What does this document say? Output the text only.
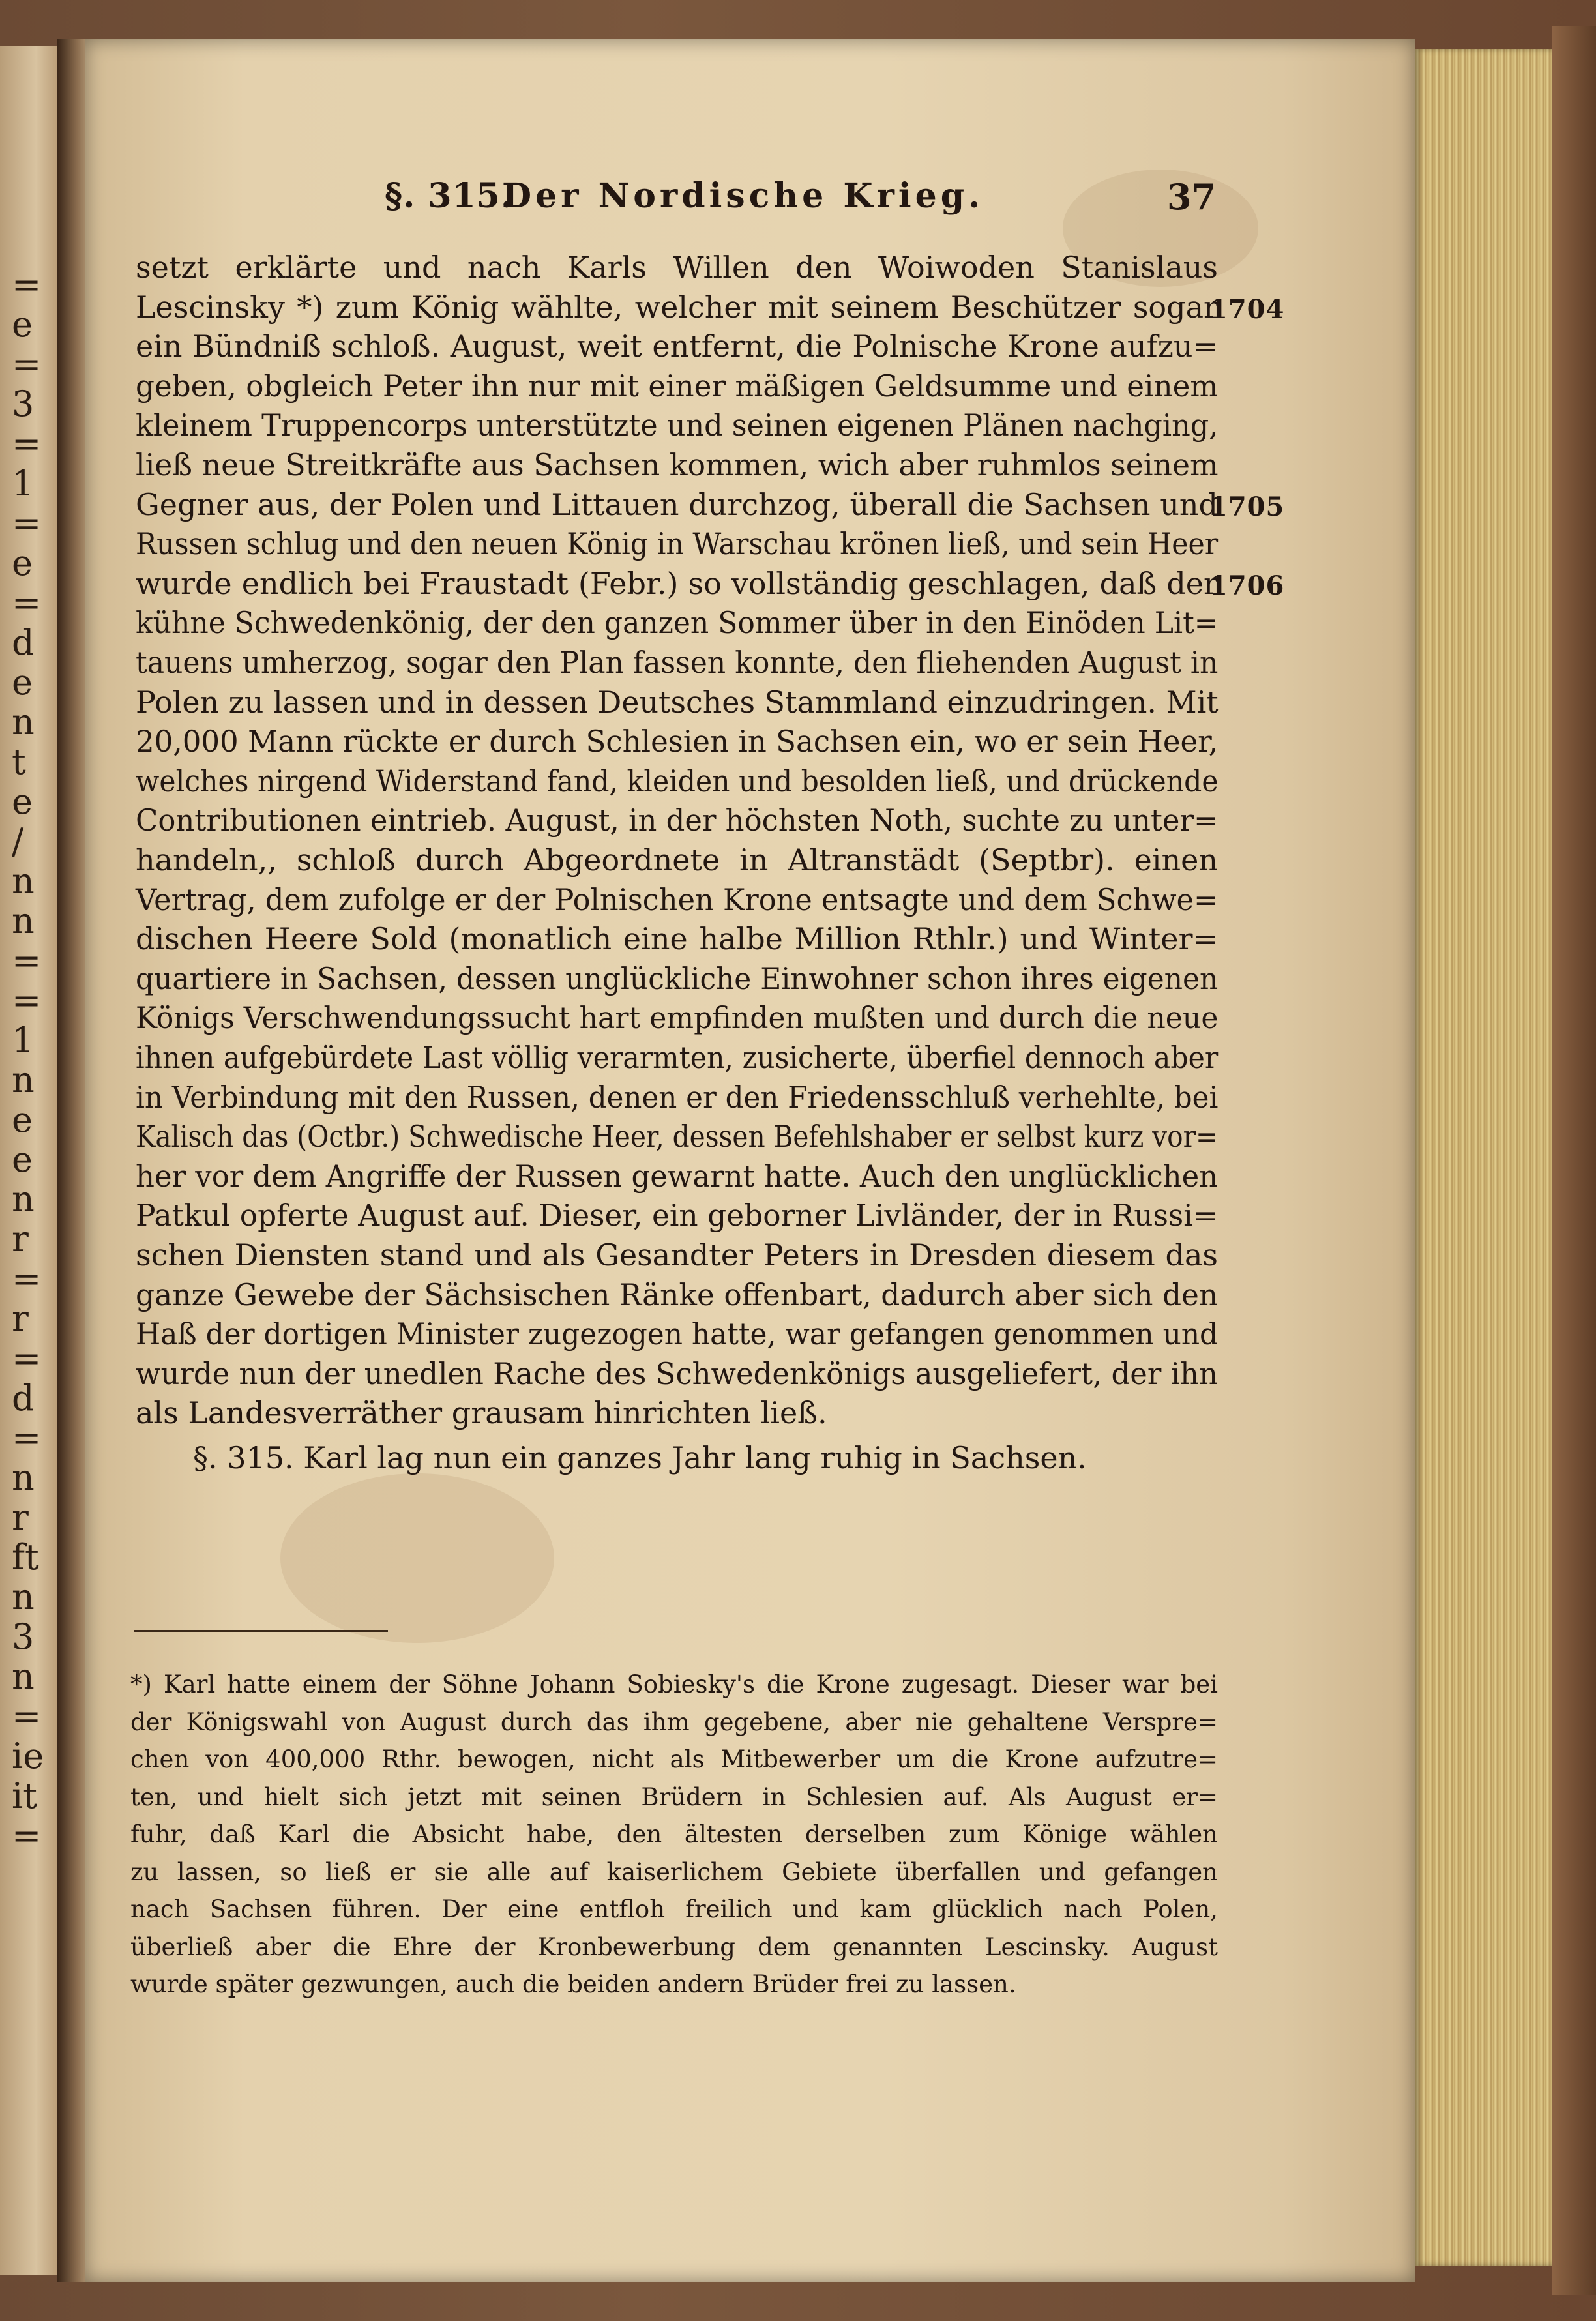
=
e
=
3
=
1
=
e
=
d
e
n
t
e
/
n
n
=
=
1
n
e
e
n
r
=
r
=
d
=
n
r
ft
n
3
n
=
ie
it
=
§. 315.
Der Nordische Krieg.	37
setzt erklärte und nach Karls Willen den Woiwoden Stanislaus
Lescinsky *) zum König wählte, welcher mit seinem Beschützer sogar
ein Bündniß schloß. August, weit entfernt, die Polnische Krone aufzu=
geben, obgleich Peter ihn nur mit einer mäßigen Geldsumme und einem
kleinem Truppencorps unterstützte und seinen eigenen Plänen nachging,
ließ neue Streitkräfte aus Sachsen kommen, wich aber ruhmlos seinem
Gegner aus, der Polen und Littauen durchzog, überall die Sachsen und
Russen schlug und den neuen König in Warschau krönen ließ, und sein Heer
wurde endlich bei Fraustadt (Febr.) so vollständig geschlagen, daß der
kühne Schwedenkönig, der den ganzen Sommer über in den Einöden Lit=
tauens umherzog, sogar den Plan fassen konnte, den fliehenden August in
Polen zu lassen und in dessen Deutsches Stammland einzudringen. Mit
20,000 Mann rückte er durch Schlesien in Sachsen ein, wo er sein Heer,
welches nirgend Widerstand fand, kleiden und besolden ließ, und drückende
Contributionen eintrieb. August, in der höchsten Noth, suchte zu unter=
handeln,, schloß durch Abgeordnete in Altranstädt (Septbr). einen
Vertrag, dem zufolge er der Polnischen Krone entsagte und dem Schwe=
dischen Heere Sold (monatlich eine halbe Million Rthlr.) und Winter=
quartiere in Sachsen, dessen unglückliche Einwohner schon ihres eigenen
Königs Verschwendungssucht hart empfinden mußten und durch die neue
ihnen aufgebürdete Last völlig verarmten, zusicherte, überfiel dennoch aber
in Verbindung mit den Russen, denen er den Friedensschluß verhehlte, bei
Kalisch das (Octbr.) Schwedische Heer, dessen Befehlshaber er selbst kurz vor=
her vor dem Angriffe der Russen gewarnt hatte. Auch den unglücklichen
Patkul opferte August auf. Dieser, ein geborner Livländer, der in Russi=
schen Diensten stand und als Gesandter Peters in Dresden diesem das
ganze Gewebe der Sächsischen Ränke offenbart, dadurch aber sich den
Haß der dortigen Minister zugezogen hatte, war gefangen genommen und
wurde nun der unedlen Rache des Schwedenkönigs ausgeliefert, der ihn
als Landesverräther grausam hinrichten ließ.
§. 315. Karl lag nun ein ganzes Jahr lang ruhig in Sachsen.
1704
1705
1706
*) Karl hatte einem der Söhne Johann Sobiesky's die Krone zugesagt. Dieser war bei
der Königswahl von August durch das ihm gegebene, aber nie gehaltene Verspre=
chen von 400,000 Rthr. bewogen, nicht als Mitbewerber um die Krone aufzutre=
ten, und hielt sich jetzt mit seinen Brüdern in Schlesien auf. Als August er=
fuhr, daß Karl die Absicht habe, den ältesten derselben zum Könige wählen
zu lassen, so ließ er sie alle auf kaiserlichem Gebiete überfallen und gefangen
nach Sachsen führen. Der eine entfloh freilich und kam glücklich nach Polen,
überließ aber die Ehre der Kronbewerbung dem genannten Lescinsky. August
wurde später gezwungen, auch die beiden andern Brüder frei zu lassen.
